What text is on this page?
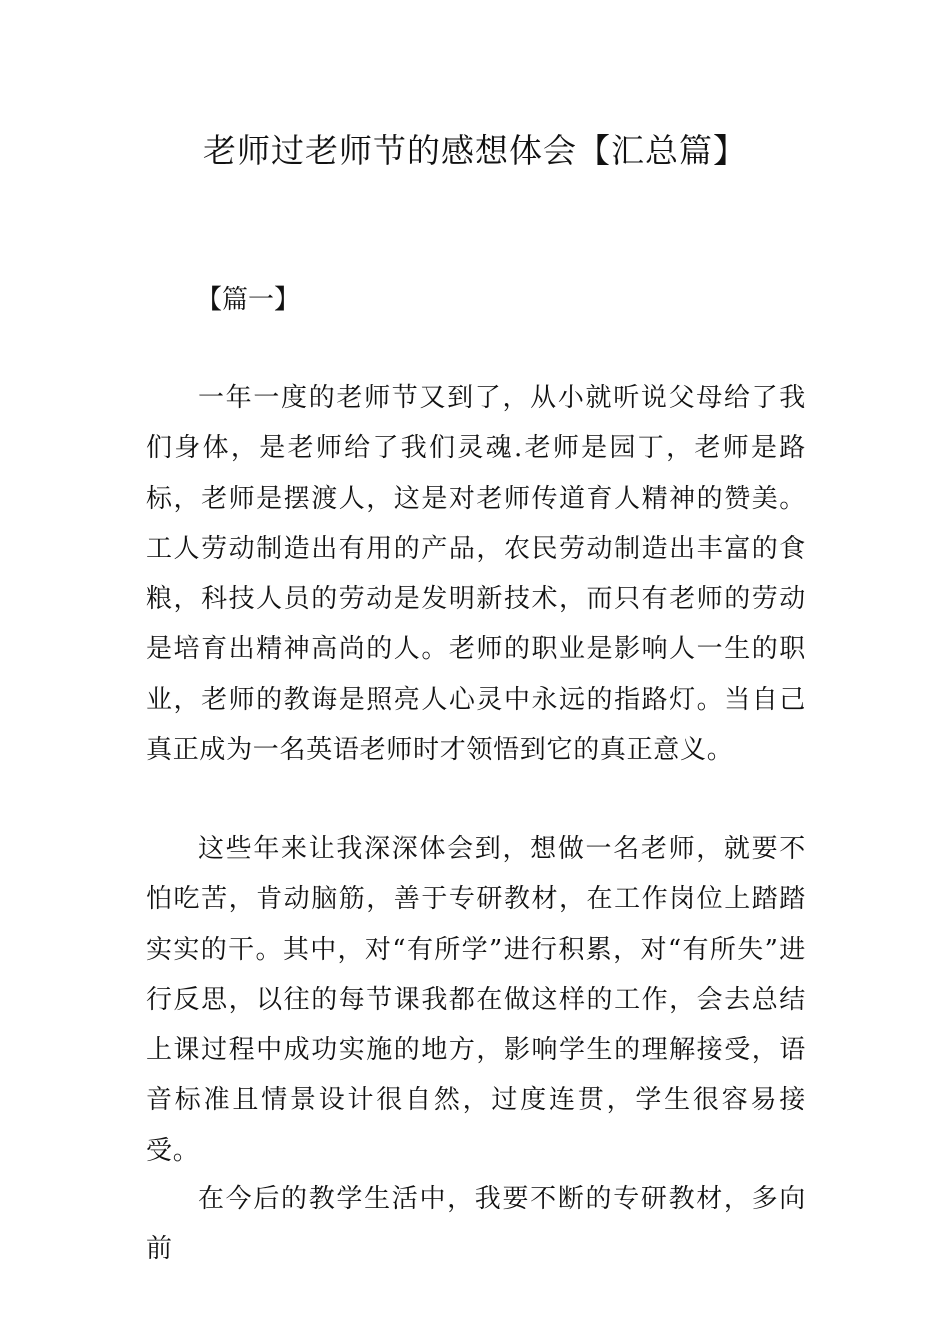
老师过老师节的感想体会【汇总篇】
【篇一】

一年一度的老师节又到了，从小就听说父母给了我们身体，是老师给了我们灵魂.老师是园丁，老师是路标，老师是摆渡人，这是对老师传道育人精神的赞美。工人劳动制造出有用的产品，农民劳动制造出丰富的食粮，科技人员的劳动是发明新技术，而只有老师的劳动是培育出精神高尚的人。老师的职业是影响人一生的职业，老师的教诲是照亮人心灵中永远的指路灯。当自己真正成为一名英语老师时才领悟到它的真正意义。

这些年来让我深深体会到，想做一名老师，就要不怕吃苦，肯动脑筋，善于专研教材，在工作岗位上踏踏实实的干。其中，对“有所学”进行积累，对“有所失”进行反思，以往的每节课我都在做这样的工作，会去总结上课过程中成功实施的地方，影响学生的理解接受，语音标准且情景设计很自然，过度连贯，学生很容易接受。

在今后的教学生活中，我要不断的专研教材，多向前
